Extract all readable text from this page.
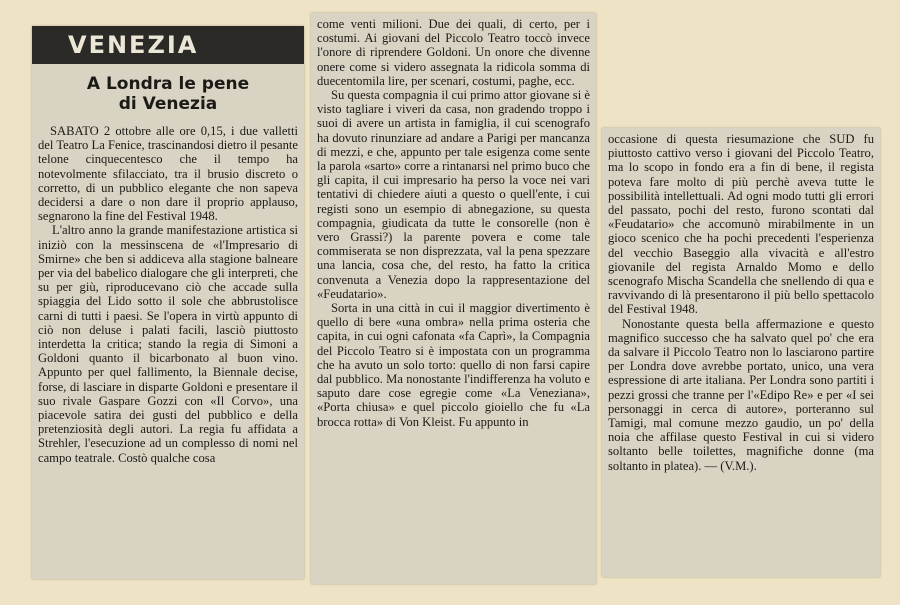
VENEZIA
A Londra le pene
di Venezia

SABATO 2 ottobre alle ore 0,15, i due valletti del Teatro La Fenice, trascinandosi dietro il pesante telone cinquecentesco che il tempo ha notevolmente sfilacciato, tra il brusio discreto o corretto, di un pubblico elegante che non sapeva decidersi a dare o non dare il proprio applauso, segnarono la fine del Festival 1948.

L'altro anno la grande manifestazione artistica si iniziò con la messinscena de «l'Impresario di Smirne» che ben si addiceva alla stagione balneare per via del babelico dialogare che gli interpreti, che su per giù, riproducevano ciò che accade sulla spiaggia del Lido sotto il sole che abbrustolisce carni di tutti i paesi. Se l'opera in virtù appunto di ciò non deluse i palati facili, lasciò piuttosto interdetta la critica; stando la regia di Simoni a Goldoni quanto il bicarbonato al buon vino. Appunto per quel fallimento, la Biennale decise, forse, di lasciare in disparte Goldoni e presentare il suo rivale Gaspare Gozzi con «Il Corvo», una piacevole satira dei gusti del pubblico e della pretenziosità degli autori. La regia fu affidata a Strehler, l'esecuzione ad un complesso di nomi nel campo teatrale. Costò qualche cosa

come venti milioni. Due dei quali, di certo, per i costumi. Ai giovani del Piccolo Teatro toccò invece l'onore di riprendere Goldoni. Un onore che divenne onere come si videro assegnata la ridicola somma di duecentomila lire, per scenari, costumi, paghe, ecc.

Su questa compagnia il cui primo attor giovane si è visto tagliare i viveri da casa, non gradendo troppo i suoi di avere un artista in famiglia, il cui scenografo ha dovuto rinunziare ad andare a Parigi per mancanza di mezzi, e che, appunto per tale esigenza come sente la parola «sarto» corre a rintanarsi nel primo buco che gli capita, il cui impresario ha perso la voce nei vari tentativi di chiedere aiuti a questo o quell'ente, i cui registi sono un esempio di abnegazione, su questa compagnia, giudicata da tutte le consorelle (non è vero Grassi?) la parente povera e come tale commiserata se non disprezzata, val la pena spezzare una lancia, cosa che, del resto, ha fatto la critica convenuta a Venezia dopo la rappresentazione del «Feudatario».

Sorta in una città in cui il maggior divertimento è quello di bere «una ombra» nella prima osteria che capita, in cui ogni cafonata «fa Caprì», la Compagnia del Piccolo Teatro si è impostata con un programma che ha avuto un solo torto: quello di non farsi capire dal pubblico. Ma nonostante l'indifferenza ha voluto e saputo dare cose egregie come «La Veneziana», «Porta chiusa» e quel piccolo gioiello che fu «La brocca rotta» di Von Kleist. Fu appunto in

occasione di questa riesumazione che SUD fu piuttosto cattivo verso i giovani del Piccolo Teatro, ma lo scopo in fondo era a fin di bene, il regista poteva fare molto di più perchè aveva tutte le possibilità intellettuali. Ad ogni modo tutti gli errori del passato, pochi del resto, furono scontati dal «Feudatario» che accomunò mirabilmente in un gioco scenico che ha pochi precedenti l'esperienza del vecchio Baseggio alla vivacità e all'estro giovanile del regista Arnaldo Momo e dello scenografo Mischa Scandella che snellendo di qua e ravvivando di là presentarono il più bello spettacolo del Festival 1948.

Nonostante questa bella affermazione e questo magnifico successo che ha salvato quel po' che era da salvare il Piccolo Teatro non lo lasciarono partire per Londra dove avrebbe portato, unico, una vera espressione di arte italiana. Per Londra sono partiti i pezzi grossi che tranne per l'«Edipo Re» e per «I sei personaggi in cerca di autore», porteranno sul Tamigi, mal comune mezzo gaudio, un po' della noia che affilase questo Festival in cui si videro soltanto belle toilettes, magnifiche donne (ma soltanto in platea). — (V.M.).
